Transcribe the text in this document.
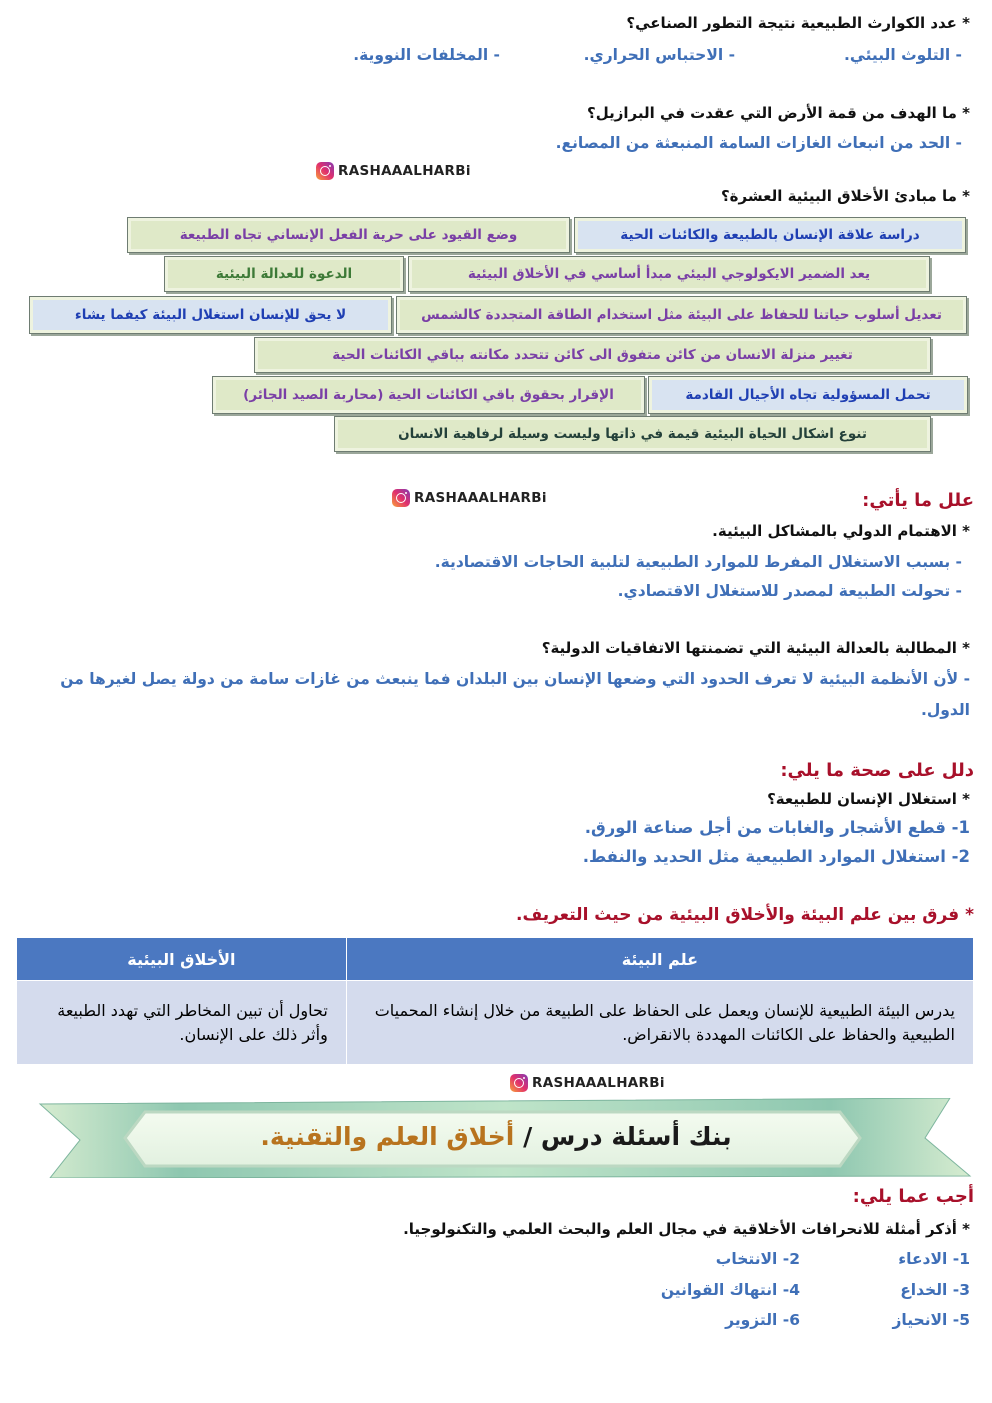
* عدد الكوارث الطبيعية نتيجة التطور الصناعي؟
- التلوث البيئي.
- الاحتباس الحراري.
- المخلفات النووية.
* ما الهدف من قمة الأرض التي عقدت في البرازيل؟
- الحد من انبعاث الغازات السامة المنبعثة من المصانع.
RASHAAALHARBi
* ما مبادئ الأخلاق البيئية العشرة؟
دراسة علاقة الإنسان بالطبيعة والكائنات الحية
وضع القيود على حرية الفعل الإنساني تجاه الطبيعة
يعد الضمير الايكولوجي البيئي مبدأ أساسي في الأخلاق البيئية
الدعوة للعدالة البيئية
تعديل أسلوب حياتنا للحفاظ على البيئة مثل استخدام الطاقة المتجددة كالشمس
لا يحق للإنسان استغلال البيئة كيفما يشاء
تغيير منزلة الانسان من كائن متفوق الى كائن تتحدد مكانته بباقي الكائنات الحية
تحمل المسؤولية تجاه الأجيال القادمة
الإقرار بحقوق باقي الكائنات الحية (محاربة الصيد الجائر)
تنوع اشكال الحياة البيئية قيمة في ذاتها وليست وسيلة لرفاهية الانسان
RASHAAALHARBi	علل ما يأتي:
* الاهتمام الدولي بالمشاكل البيئية.
- بسبب الاستغلال المفرط للموارد الطبيعية لتلبية الحاجات الاقتصادية.
- تحولت الطبيعة لمصدر للاستغلال الاقتصادي.
* المطالبة بالعدالة البيئية التي تضمنتها الاتفاقيات الدولية؟
- لأن الأنظمة البيئية لا تعرف الحدود التي وضعها الإنسان بين البلدان فما ينبعث من غازات سامة من دولة يصل لغيرها من
الدول.
دلل على صحة ما يلي:
* استغلال الإنسان للطبيعة؟
1- قطع الأشجار والغابات من أجل صناعة الورق.
2- استغلال الموارد الطبيعية مثل الحديد والنفط.
* فرق بين علم البيئة والأخلاق البيئية من حيث التعريف.
علم البيئة	الأخلاق البيئية
يدرس البيئة الطبيعية للإنسان ويعمل على الحفاظ على الطبيعة من خلال إنشاء المحميات الطبيعية والحفاظ على الكائنات المهددة بالانقراض.	تحاول أن تبين المخاطر التي تهدد الطبيعة وأثر ذلك على الإنسان.
RASHAAALHARBi
بنك أسئلة درس / أخلاق العلم والتقنية.
أجب عما يلي:
* أذكر أمثلة للانحرافات الأخلاقية في مجال العلم والبحث العلمي والتكنولوجيا.
1- الادعاء
2- الانتخاب
3- الخداع
4- انتهاك القوانين
5- الانحياز
6- التزوير
